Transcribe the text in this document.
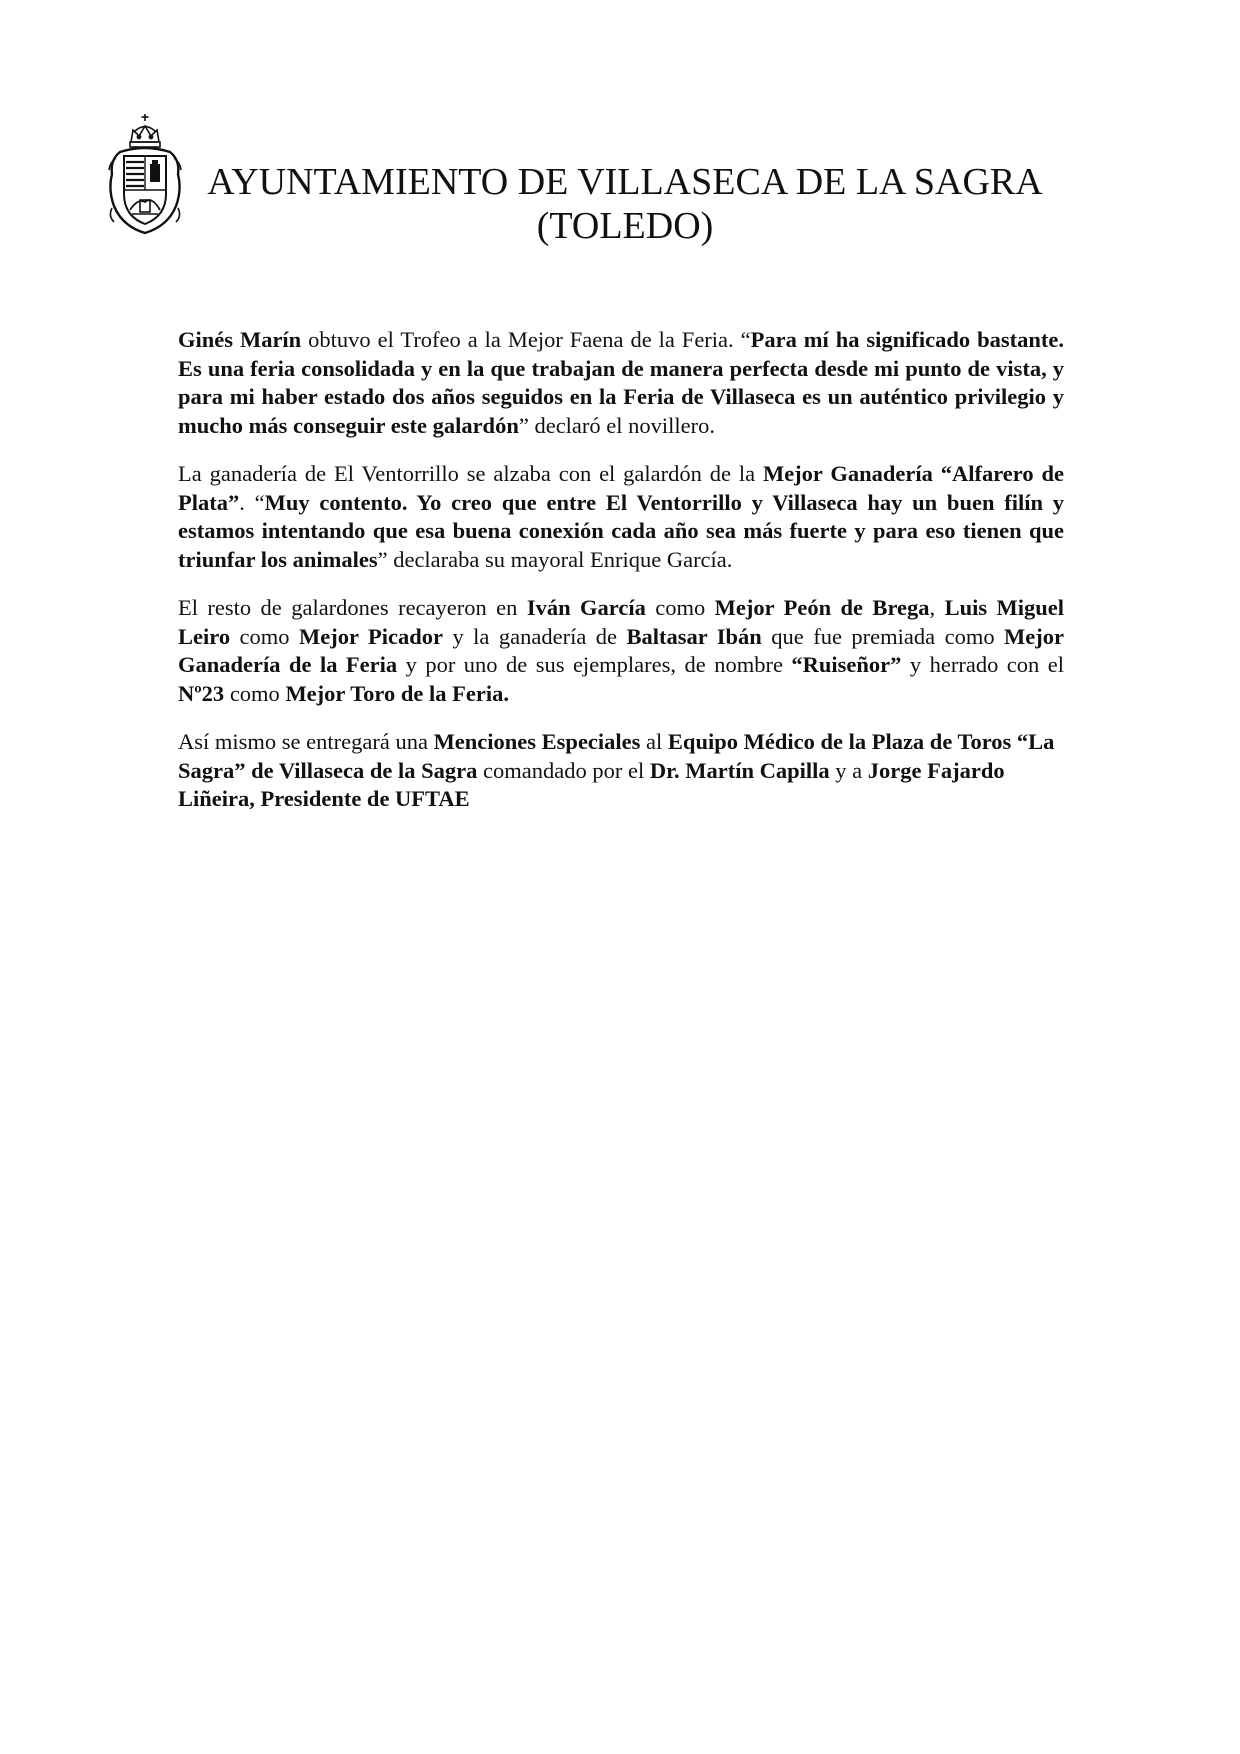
AYUNTAMIENTO DE VILLASECA DE LA SAGRA
(TOLEDO)

Ginés Marín obtuvo el Trofeo a la Mejor Faena de la Feria. “Para mí ha significado bastante. Es una feria consolidada y en la que trabajan de manera perfecta desde mi punto de vista, y para mi haber estado dos años seguidos en la Feria de Villaseca es un auténtico privilegio y mucho más conseguir este galardón” declaró el novillero.

La ganadería de El Ventorrillo se alzaba con el galardón de la Mejor Ganadería “Alfarero de Plata”. “Muy contento. Yo creo que entre El Ventorrillo y Villaseca hay un buen filín y estamos intentando que esa buena conexión cada año sea más fuerte y para eso tienen que triunfar los animales” declaraba su mayoral Enrique García.

El resto de galardones recayeron en Iván García como Mejor Peón de Brega, Luis Miguel Leiro como Mejor Picador y la ganadería de Baltasar Ibán que fue premiada como Mejor Ganadería de la Feria y por uno de sus ejemplares, de nombre “Ruiseñor” y herrado con el Nº23 como Mejor Toro de la Feria.

Así mismo se entregará una Menciones Especiales al Equipo Médico de la Plaza de Toros “La Sagra” de Villaseca de la Sagra comandado por el Dr. Martín Capilla y a Jorge Fajardo Liñeira, Presidente de UFTAE
